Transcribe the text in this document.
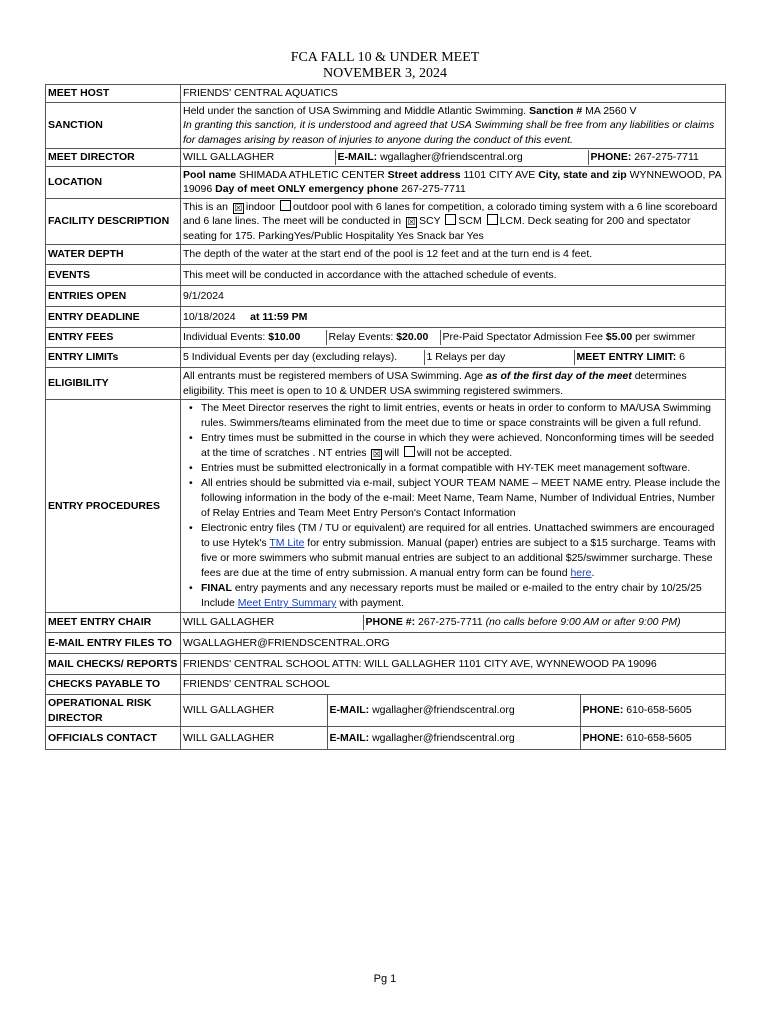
FCA FALL 10 & UNDER MEET
NOVEMBER 3, 2024
MEET HOST	FRIENDS' CENTRAL AQUATICS
SANCTION	Held under the sanction of USA Swimming and Middle Atlantic Swimming. Sanction # MA 2560 V
In granting this sanction, it is understood and agreed that USA Swimming shall be free from any liabilities or claims for damages arising by reason of injuries to anyone during the conduct of this event.
MEET DIRECTOR		WILL GALLAGHER	E-MAIL: wgallagher@friendscentral.org	PHONE: 267-275-7711

LOCATION	Pool name SHIMADA ATHLETIC CENTER Street address 1101 CITY AVE City, state and zip WYNNEWOOD, PA 19096 Day of meet ONLY emergency phone 267-275-7711
FACILITY DESCRIPTION	This is an ☒ indoor outdoor pool with 6 lanes for competition, a colorado timing system with a 6 line scoreboard and 6 lane lines. The meet will be conducted in ☒ SCY SCM LCM. Deck seating for 200 and spectator seating for 175. ParkingYes/Public Hospitality Yes Snack bar Yes
WATER DEPTH	The depth of the water at the start end of the pool is 12 feet and at the turn end is 4 feet.
EVENTS	This meet will be conducted in accordance with the attached schedule of events.
ENTRIES OPEN	9/1/2024
ENTRY DEADLINE	10/18/2024 at 11:59 PM
ENTRY FEES		Individual Events: $10.00	Relay Events: $20.00	Pre-Paid Spectator Admission Fee $5.00 per swimmer

ENTRY LIMITs		5 Individual Events per day (excluding relays).	1 Relays per day	MEET ENTRY LIMIT: 6

ELIGIBILITY	All entrants must be registered members of USA Swimming. Age as of the first day of the meet determines eligibility. This meet is open to 10 & UNDER USA swimming registered swimmers.
ENTRY PROCEDURES	
• The Meet Director reserves the right to limit entries, events or heats in order to conform to MA/USA Swimming rules. Swimmers/teams eliminated from the meet due to time or space constraints will be given a full refund.
• Entry times must be submitted in the course in which they were achieved. Nonconforming times will be seeded at the time of scratches . NT entries ☒ will will not be accepted.
• Entries must be submitted electronically in a format compatible with HY-TEK meet management software.
• All entries should be submitted via e-mail, subject YOUR TEAM NAME – MEET NAME entry. Please include the following information in the body of the e-mail: Meet Name, Team Name, Number of Individual Entries, Number of Relay Entries and Team Meet Entry Person's Contact Information
• Electronic entry files (TM / TU or equivalent) are required for all entries. Unattached swimmers are encouraged to use Hytek's TM Lite for entry submission. Manual (paper) entries are subject to a $15 surcharge. Teams with five or more swimmers who submit manual entries are subject to an additional $25/swimmer surcharge. These fees are due at the time of entry submission. A manual entry form can be found here.
• FINAL entry payments and any necessary reports must be mailed or e-mailed to the entry chair by 10/25/25 Include Meet Entry Summary with payment.

MEET ENTRY CHAIR		WILL GALLAGHER	PHONE #: 267-275-7711 (no calls before 9:00 AM or after 9:00 PM)

E-MAIL ENTRY FILES TO	WGALLAGHER@FRIENDSCENTRAL.ORG
MAIL CHECKS/ REPORTS	FRIENDS' CENTRAL SCHOOL ATTN: WILL GALLAGHER 1101 CITY AVE, WYNNEWOOD PA 19096
CHECKS PAYABLE TO	FRIENDS' CENTRAL SCHOOL
OPERATIONAL RISK DIRECTOR	
WILL GALLAGHER	E-MAIL: wgallagher@friendscentral.org	PHONE: 610-658-5605

OFFICIALS CONTACT	WILL GALLAGHER	E-MAIL: wgallagher@friendscentral.org	PHONE: 610-658-5605
Pg 1
